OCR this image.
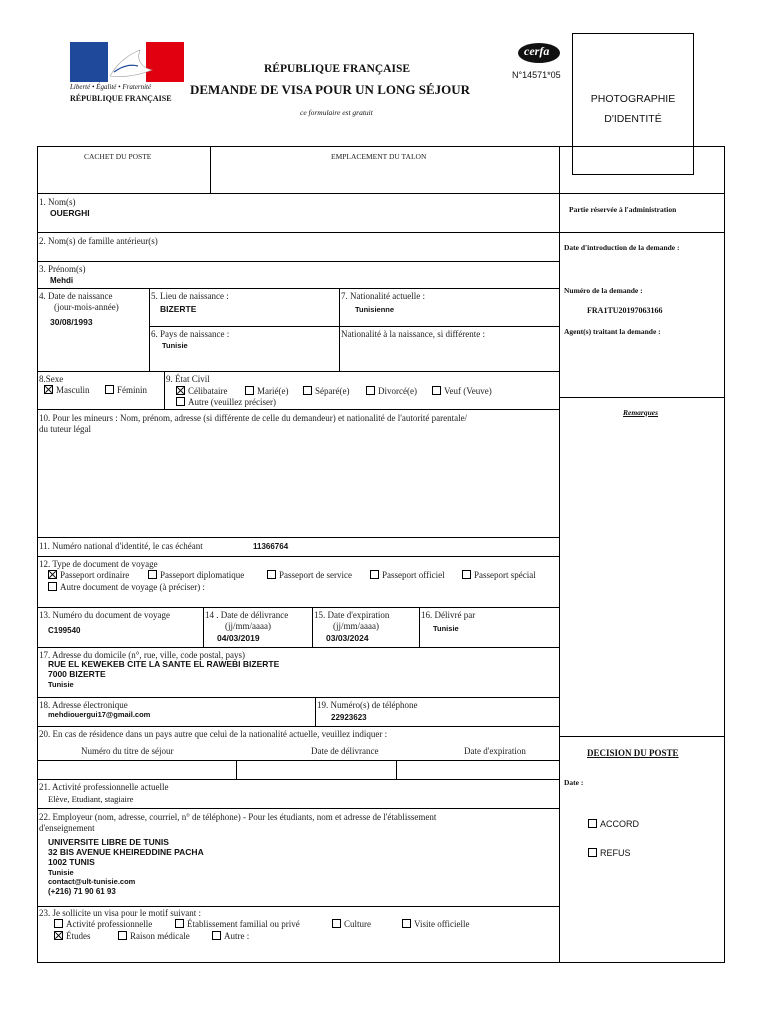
Liberté • Égalité • Fraternité
RÉPUBLIQUE FRANÇAISE
RÉPUBLIQUE FRANÇAISE
DEMANDE DE VISA POUR UN LONG SÉJOUR
ce formulaire est gratuit
cerfa
N°14571*05
PHOTOGRAPHIE
D'IDENTITÉ
CACHET DU POSTE	EMPLACEMENT DU TALON
1. Nom(s)
OUERGHI
2. Nom(s) de famille antérieur(s)
3. Prénom(s)
Mehdi
4. Date de naissance
(jour-mois-année)
30/08/1993
5. Lieu de naissance :
BIZERTE
7. Nationalité actuelle :
Tunisienne
6. Pays de naissance :
Tunisie
Nationalité à la naissance, si différente :
8.Sexe
Masculin	Féminin
9. État Civil
Célibataire	Marié(e)	Séparé(e)	Divorcé(e)	Veuf (Veuve)
Autre (veuillez préciser)
10. Pour les mineurs : Nom, prénom, adresse (si différente de celle du demandeur) et nationalité de l'autorité parentale/
du tuteur légal
11. Numéro national d'identité, le cas échéant	11366764
12. Type de document de voyage
Passeport ordinaire	Passeport diplomatique	Passeport de service	Passeport officiel	Passeport spécial
Autre document de voyage (à préciser) :
13. Numéro du document de voyage
C199540
14 . Date de délivrance
(jj/mm/aaaa)
04/03/2019
15. Date d'expiration
(jj/mm/aaaa)
03/03/2024
16. Délivré par
Tunisie
17. Adresse du domicile (n°, rue, ville, code postal, pays)
RUE EL KEWEKEB CITE LA SANTE EL RAWEBI BIZERTE
7000 BIZERTE
Tunisie
18. Adresse électronique
mehdiouergui17@gmail.com
19. Numéro(s) de téléphone
22923623
20. En cas de résidence dans un pays autre que celui de la nationalité actuelle, veuillez indiquer :
Numéro du titre de séjour	Date de délivrance	Date d'expiration
21. Activité professionnelle actuelle
Elève, Etudiant, stagiaire
22. Employeur (nom, adresse, courriel, n° de téléphone) - Pour les étudiants, nom et adresse de l'établissement
d'enseignement
UNIVERSITE LIBRE DE TUNIS
32 BIS AVENUE KHEIREDDINE PACHA
1002 TUNIS
Tunisie
contact@ult-tunisie.com
(+216) 71 90 61 93
23. Je sollicite un visa pour le motif suivant :
Activité professionnelle	Établissement familial ou privé	Culture	Visite officielle
Études	Raison médicale	Autre :
Partie réservée à l'administration
Date d'introduction de la demande :
Numéro de la demande :
FRA1TU20197063166
Agent(s) traitant la demande :
Remarques
DECISION DU POSTE
Date :
ACCORD
REFUS
